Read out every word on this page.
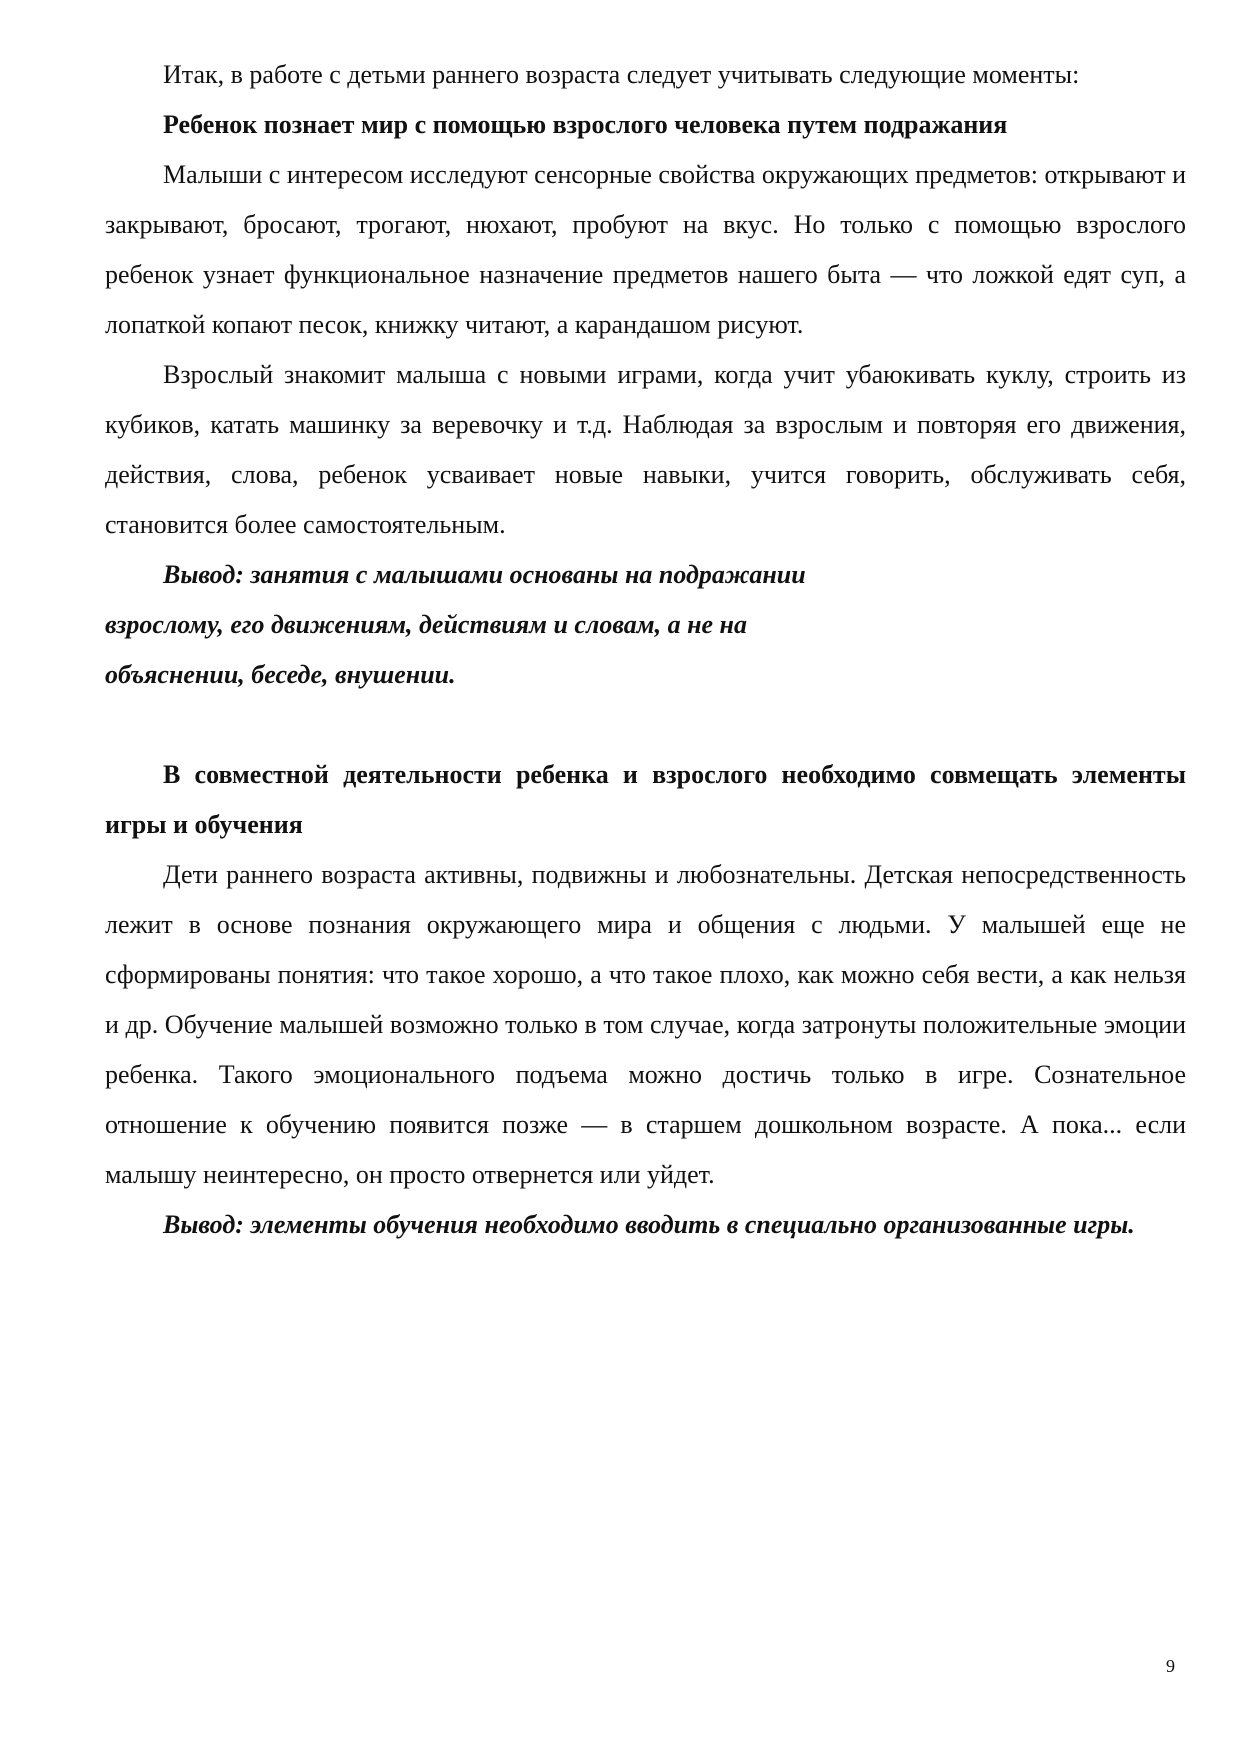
Итак, в работе с детьми раннего возраста следует учитывать следующие моменты:

Ребенок познает мир с помощью взрослого человека путем подражания

Малыши с интересом исследуют сенсорные свойства окружающих предметов: открывают и закрывают, бросают, трогают, нюхают, пробуют на вкус. Но только с помощью взрослого ребенок узнает функциональное назначение предметов нашего быта — что ложкой едят суп, а лопаткой копают песок, книжку читают, а карандашом рисуют.

Взрослый знакомит малыша с новыми играми, когда учит убаюкивать куклу, строить из кубиков, катать машинку за веревочку и т.д. Наблюдая за взрослым и повторяя его движения, действия, слова, ребенок усваивает новые навыки, учится говорить, обслуживать себя, становится более самостоятельным.

Вывод: занятия с малышами основаны на подражании взрослому, его движениям, действиям и словам, а не на объяснении, беседе, внушении.

В совместной деятельности ребенка и взрослого необходимо совмещать элементы игры и обучения

Дети раннего возраста активны, подвижны и любознательны. Детская непосредственность лежит в основе познания окружающего мира и общения с людьми. У малышей еще не сформированы понятия: что такое хорошо, а что такое плохо, как можно себя вести, а как нельзя и др. Обучение малышей возможно только в том случае, когда затронуты положительные эмоции ребенка. Такого эмоционального подъема можно достичь только в игре. Сознательное отношение к обучению появится позже — в старшем дошкольном возрасте. А пока... если малышу неинтересно, он просто отвернется или уйдет.

Вывод: элементы обучения необходимо вводить в специально организованные игры.

9
